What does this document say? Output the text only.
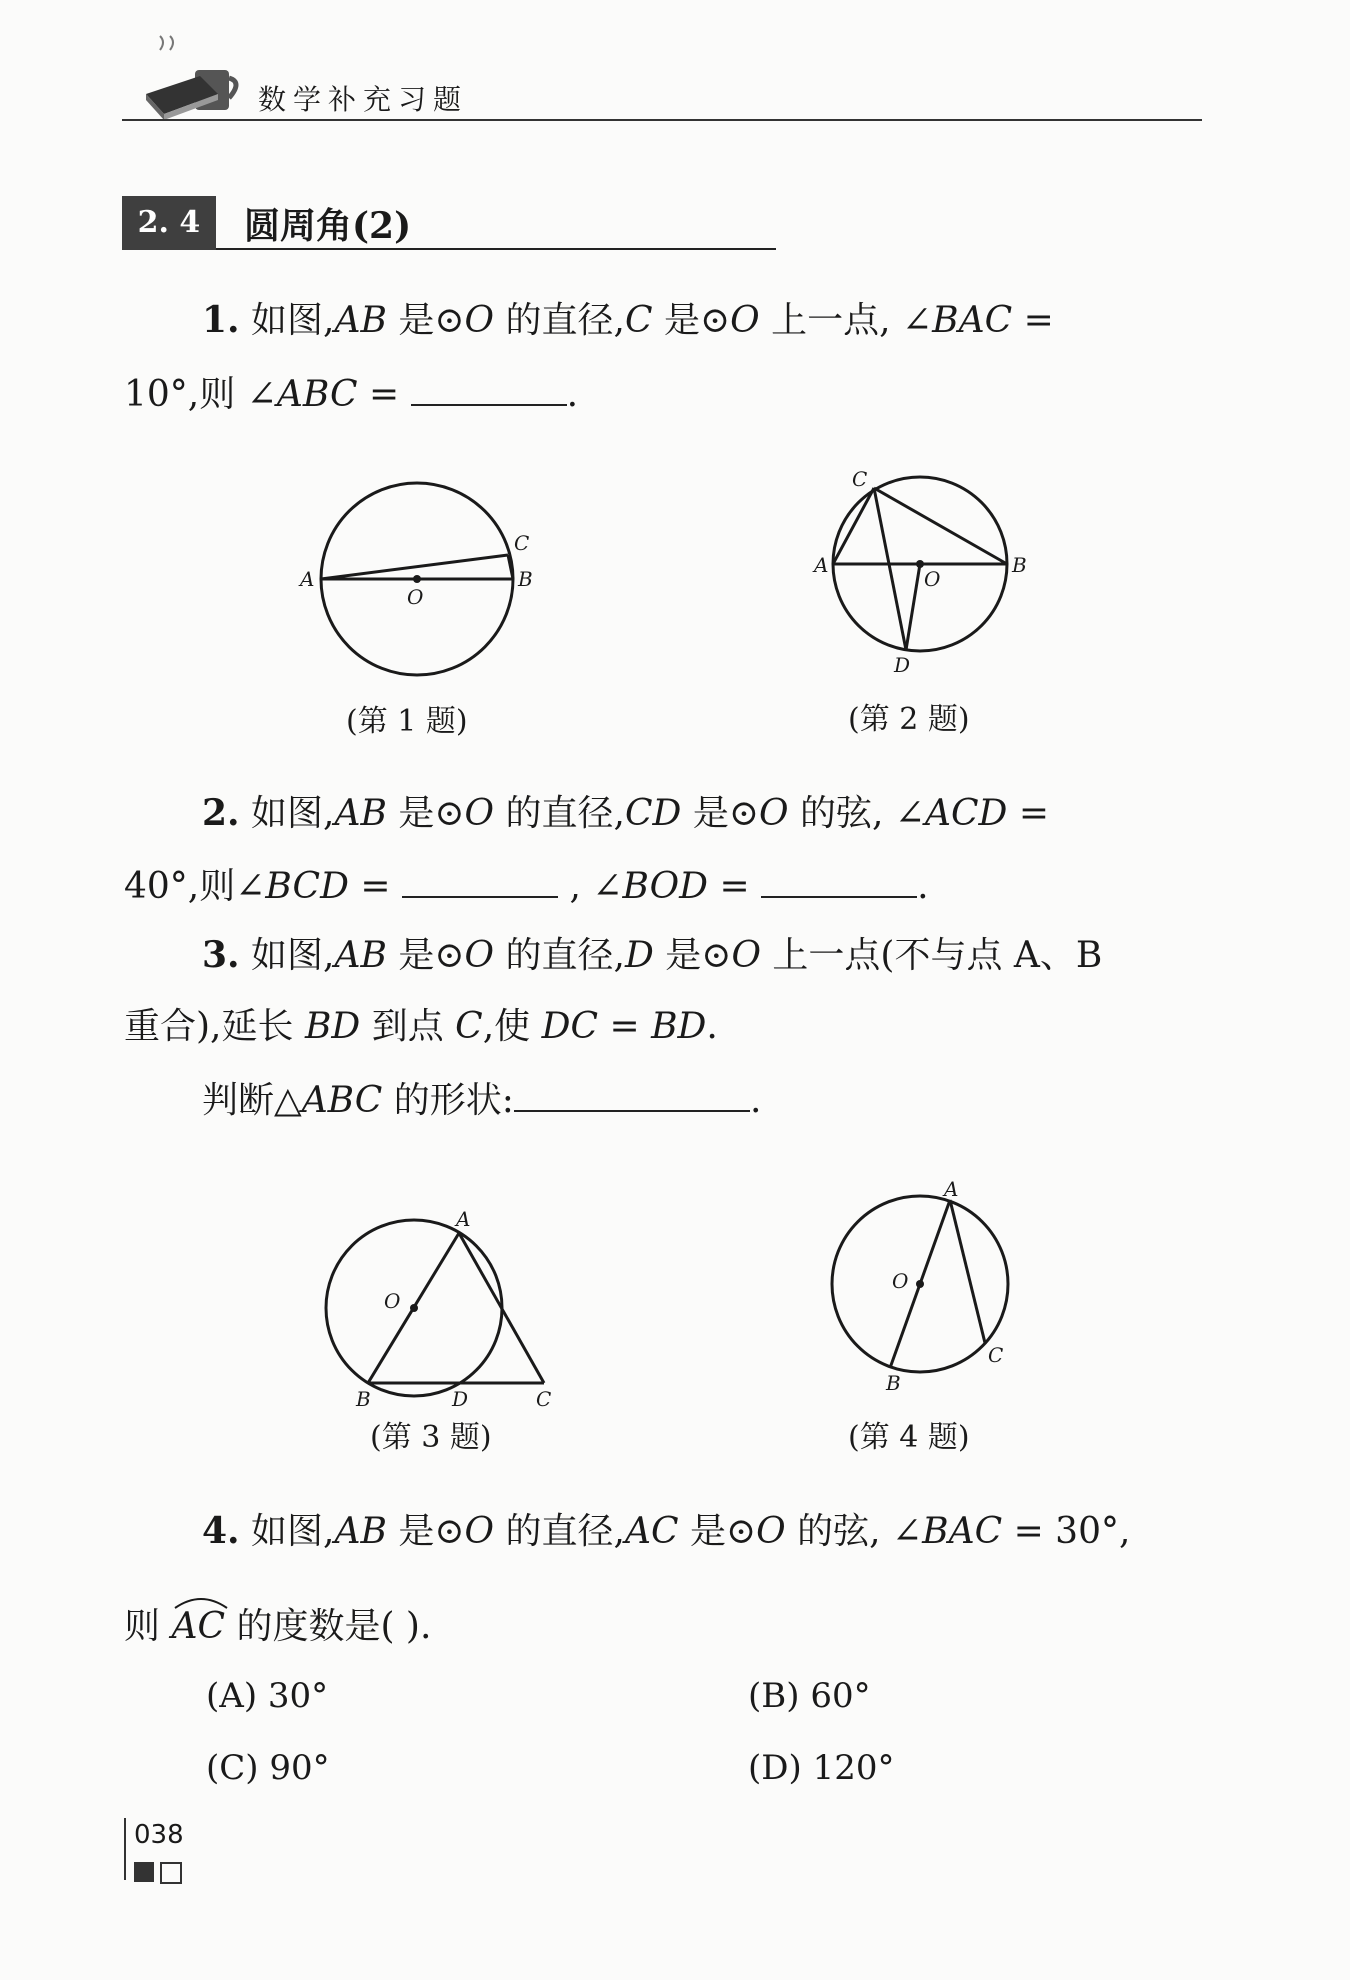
数学补充习题
2. 4	圆周角(2)
1. 如图,AB 是⊙O 的直径,C 是⊙O 上一点, ∠BAC =
10°,则 ∠ABC =	.
A	B
C
O
(第 1 题)
A	B
C
D
O
(第 2 题)
2. 如图,AB 是⊙O 的直径,CD 是⊙O 的弦, ∠ACD =
40°,则∠BCD =	, ∠BOD =	.
3. 如图,AB 是⊙O 的直径,D 是⊙O 上一点(不与点 A、B
重合),延长 BD 到点 C,使 DC = BD.
判断△ABC 的形状:	.
A
B	C
D
O
(第 3 题)
A
B
C
O
(第 4 题)
4. 如图,AB 是⊙O 的直径,AC 是⊙O 的弦, ∠BAC = 30°,
则 AC
的度数是( ).
(A) 30°	(B) 60°
(C) 90°	(D) 120°
038
